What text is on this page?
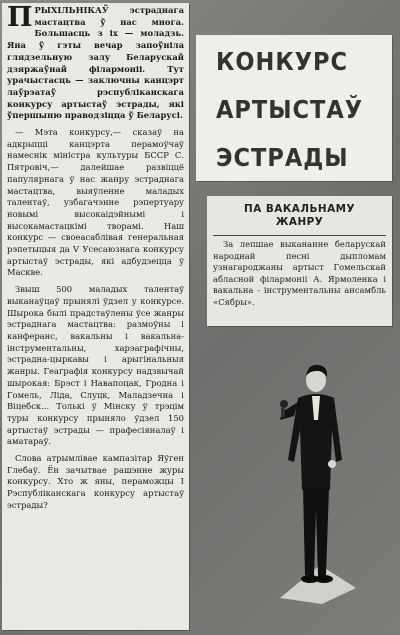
ПРЫХІЛЬНІКАЎ эстраднага мастацтва ў нас многа. Большасць з іх — моладзь. Яна ў гэты вечар запоўніла глядзельную залу Беларускай дзяржаўнай філармоніі. Тут урачыстасць — заключны канцэрт лаўрэатаў рэспубліканскага конкурсу артыстаў эстрады, які ўпершыню праводзіцца ў Беларусі.

— Мэта конкурсу,— сказаў на адкрыцці канцэрта перамоўчаў намеснік міністра культуры БССР С. Пятровіч,— далейшае развіццё папулярнага ў нас жанру эстраднага мастацтва, выяўленне маладых талентаў, узбагачэнне рэпертуару новымі высокаідэйнымі і высокамастацкімі творамі. Наш конкурс — своеасаблівая генеральная рэпетыцыя да V Усесаюзнага конкурсу артыстаў эстрады, які адбудзецца ў Маскве.

Звыш 500 маладых талентаў выканаўцаў прынялі ўдзел у конкурсе. Шырока былі прадстаўлены ўсе жанры эстраднага мастацтва: размоўны і канферанс, вакальны і вакальна-інструментальны, харэаграфічны, эстрадна-цыркавы і арыгінальныя жанры. Геаграфія конкурсу надзвычай шырокая: Брэст і Навапоцак, Гродна і Гомель, Ліда, Слуцк, Маладзечна і Віцебск... Толькі ў Мінску ў трэцім туры конкурсу прыняло ўдзел 150 артыстаў эстрады — прафесіяналаў і аматараў.

Слова атрымлівае кампазітар Яўген Глебаў. Ён зачытвае рашэнне журы конкурсу. Хто ж яны, пераможцы I Рэспубліканскага конкурсу артыстаў эстрады?

КОНКУРС
АРТЫСТАЎ
ЭСТРАДЫ
ПА ВАКАЛЬНАМУ
ЖАНРУ
За лепшае выкананне беларускай народнай песні дыпломам узнагароджаны артыст Гомельскай абласной філармоніі А. Ярмоленка і вакальна - інструментальны ансамбль «Сябры».
